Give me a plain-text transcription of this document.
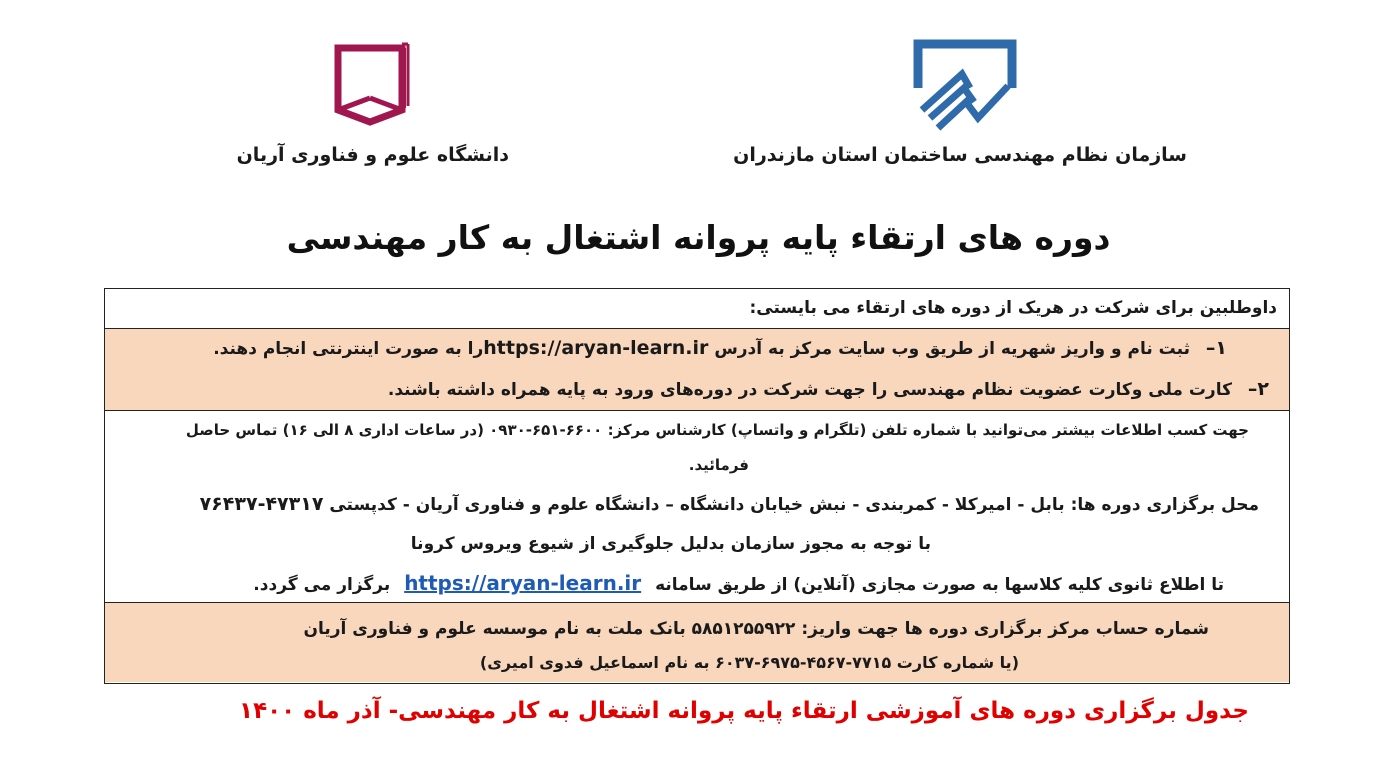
سازمان نظام مهندسی ساختمان استان مازندران
دانشگاه علوم و فناوری آریان
دوره های ارتقاء پایه پروانه اشتغال به کار مهندسی
داوطلبین برای شرکت در هریک از دوره های ارتقاء می بایستی:
۱– ثبت نام و واریز شهریه از طریق وب سایت مرکز به آدرس https://aryan-learn.irرا به صورت اینترنتی انجام دهند.
۲– کارت ملی وکارت عضویت نظام مهندسی را جهت شرکت در دوره‌های ورود به پایه همراه داشته باشند.
جهت کسب اطلاعات بیشتر می‌توانید با شماره تلفن (تلگرام و واتساپ) کارشناس مرکز: ۶۶۰۰-۶۵۱-۰۹۳۰ (در ساعات اداری ۸ الی ۱۶) تماس حاصل
فرمائید.
محل برگزاری دوره ها: بابل - امیرکلا - کمربندی - نبش خیابان دانشگاه – دانشگاه علوم و فناوری آریان - کدپستی ۴۷۳۱۷-۷۶۴۳۷
با توجه به مجوز سازمان بدلیل جلوگیری از شیوع ویروس کرونا
تا اطلاع ثانوی کلیه کلاسها به صورت مجازی (آنلاین) از طریق سامانه https://aryan-learn.ir برگزار می گردد.
شماره حساب مرکز برگزاری دوره ها جهت واریز: ۵۸۵۱۲۵۵۹۲۲ بانک ملت به نام موسسه علوم و فناوری آریان
(یا شماره کارت ۷۷۱۵-۴۵۶۷-۶۹۷۵-۶۰۳۷ به نام اسماعیل فدوی امیری)
جدول برگزاری دوره های آموزشی ارتقاء پایه پروانه اشتغال به کار مهندسی- آذر ماه ۱۴۰۰
